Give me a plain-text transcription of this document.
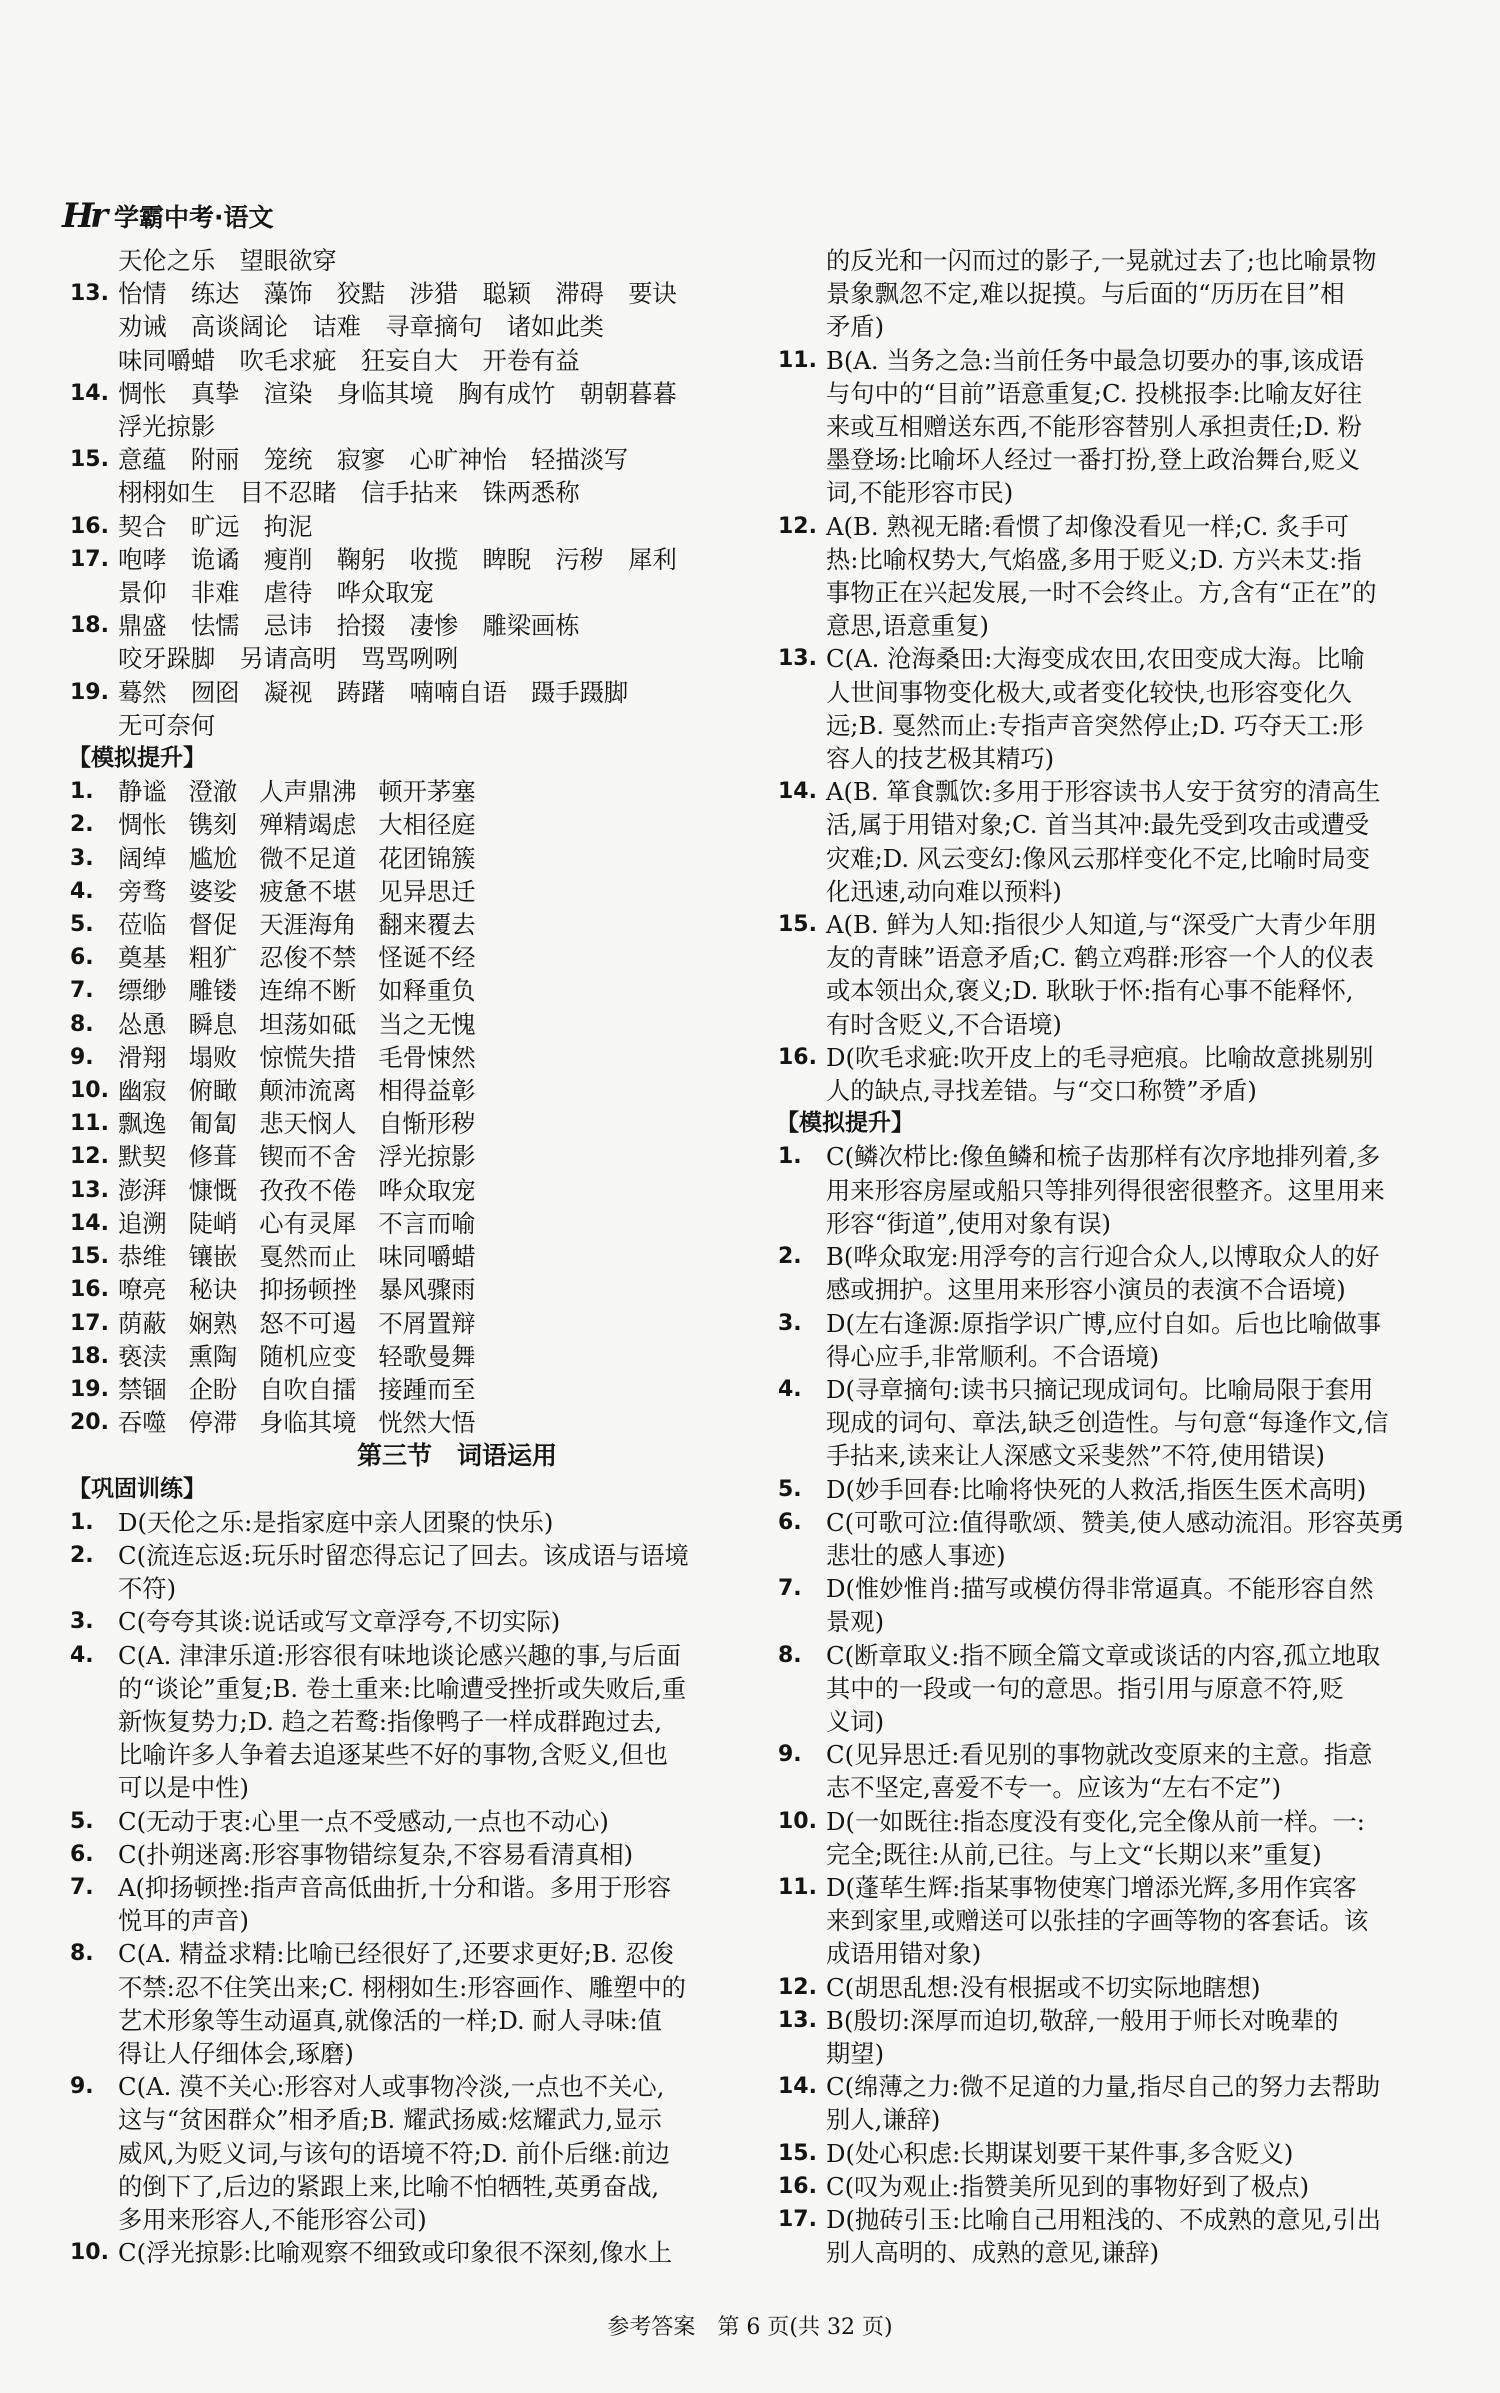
Hr 学霸中考·语文
天伦之乐　望眼欲穿
13. 怡情　练达　藻饰　狡黠　涉猎　聪颖　滞碍　要诀
劝诫　高谈阔论　诘难　寻章摘句　诸如此类
味同嚼蜡　吹毛求疵　狂妄自大　开卷有益
14. 惆怅　真挚　渲染　身临其境　胸有成竹　朝朝暮暮
浮光掠影
15. 意蕴　附丽　笼统　寂寥　心旷神怡　轻描淡写
栩栩如生　目不忍睹　信手拈来　铢两悉称
16. 契合　旷远　拘泥
17. 咆哮　诡谲　瘦削　鞠躬　收揽　睥睨　污秽　犀利
景仰　非难　虐待　哗众取宠
18. 鼎盛　怯懦　忌讳　拾掇　凄惨　雕梁画栋
咬牙跺脚　另请高明　骂骂咧咧
19. 蓦然　囫囵　凝视　踌躇　喃喃自语　蹑手蹑脚
无可奈何
【模拟提升】
1. 静谧 澄澈 人声鼎沸 顿开茅塞
2. 惆怅 镌刻 殚精竭虑 大相径庭
3. 阔绰 尴尬 微不足道 花团锦簇
4. 旁骛 婆娑 疲惫不堪 见异思迁
5. 莅临 督促 天涯海角 翻来覆去
6. 奠基 粗犷 忍俊不禁 怪诞不经
7. 缥缈 雕镂 连绵不断 如释重负
8. 怂恿 瞬息 坦荡如砥 当之无愧
9. 滑翔 塌败 惊慌失措 毛骨悚然
10. 幽寂 俯瞰 颠沛流离 相得益彰
11. 飘逸 匍匐 悲天悯人 自惭形秽
12. 默契 修葺 锲而不舍 浮光掠影
13. 澎湃 慷慨 孜孜不倦 哗众取宠
14. 追溯 陡峭 心有灵犀 不言而喻
15. 恭维 镶嵌 戛然而止 味同嚼蜡
16. 嘹亮 秘诀 抑扬顿挫 暴风骤雨
17. 荫蔽 娴熟 怒不可遏 不屑置辩
18. 亵渎 熏陶 随机应变 轻歌曼舞
19. 禁锢 企盼 自吹自擂 接踵而至
20. 吞噬 停滞 身临其境 恍然大悟
第三节　词语运用
【巩固训练】
1. D(天伦之乐:是指家庭中亲人团聚的快乐)
2. C(流连忘返:玩乐时留恋得忘记了回去。该成语与语境
不符)
3. C(夸夸其谈:说话或写文章浮夸,不切实际)
4. C(A. 津津乐道:形容很有味地谈论感兴趣的事,与后面
的“谈论”重复;B. 卷土重来:比喻遭受挫折或失败后,重
新恢复势力;D. 趋之若鹜:指像鸭子一样成群跑过去,
比喻许多人争着去追逐某些不好的事物,含贬义,但也
可以是中性)
5. C(无动于衷:心里一点不受感动,一点也不动心)
6. C(扑朔迷离:形容事物错综复杂,不容易看清真相)
7. A(抑扬顿挫:指声音高低曲折,十分和谐。多用于形容
悦耳的声音)
8. C(A. 精益求精:比喻已经很好了,还要求更好;B. 忍俊
不禁:忍不住笑出来;C. 栩栩如生:形容画作、雕塑中的
艺术形象等生动逼真,就像活的一样;D. 耐人寻味:值
得让人仔细体会,琢磨)
9. C(A. 漠不关心:形容对人或事物冷淡,一点也不关心,
这与“贫困群众”相矛盾;B. 耀武扬威:炫耀武力,显示
威风,为贬义词,与该句的语境不符;D. 前仆后继:前边
的倒下了,后边的紧跟上来,比喻不怕牺牲,英勇奋战,
多用来形容人,不能形容公司)
10. C(浮光掠影:比喻观察不细致或印象很不深刻,像水上
的反光和一闪而过的影子,一晃就过去了;也比喻景物
景象飘忽不定,难以捉摸。与后面的“历历在目”相
矛盾)
11. B(A. 当务之急:当前任务中最急切要办的事,该成语
与句中的“目前”语意重复;C. 投桃报李:比喻友好往
来或互相赠送东西,不能形容替别人承担责任;D. 粉
墨登场:比喻坏人经过一番打扮,登上政治舞台,贬义
词,不能形容市民)
12. A(B. 熟视无睹:看惯了却像没看见一样;C. 炙手可
热:比喻权势大,气焰盛,多用于贬义;D. 方兴未艾:指
事物正在兴起发展,一时不会终止。方,含有“正在”的
意思,语意重复)
13. C(A. 沧海桑田:大海变成农田,农田变成大海。比喻
人世间事物变化极大,或者变化较快,也形容变化久
远;B. 戛然而止:专指声音突然停止;D. 巧夺天工:形
容人的技艺极其精巧)
14. A(B. 箪食瓢饮:多用于形容读书人安于贫穷的清高生
活,属于用错对象;C. 首当其冲:最先受到攻击或遭受
灾难;D. 风云变幻:像风云那样变化不定,比喻时局变
化迅速,动向难以预料)
15. A(B. 鲜为人知:指很少人知道,与“深受广大青少年朋
友的青睐”语意矛盾;C. 鹤立鸡群:形容一个人的仪表
或本领出众,褒义;D. 耿耿于怀:指有心事不能释怀,
有时含贬义,不合语境)
16. D(吹毛求疵:吹开皮上的毛寻疤痕。比喻故意挑剔别
人的缺点,寻找差错。与“交口称赞”矛盾)
【模拟提升】
1. C(鳞次栉比:像鱼鳞和梳子齿那样有次序地排列着,多
用来形容房屋或船只等排列得很密很整齐。这里用来
形容“街道”,使用对象有误)
2. B(哗众取宠:用浮夸的言行迎合众人,以博取众人的好
感或拥护。这里用来形容小演员的表演不合语境)
3. D(左右逢源:原指学识广博,应付自如。后也比喻做事
得心应手,非常顺利。不合语境)
4. D(寻章摘句:读书只摘记现成词句。比喻局限于套用
现成的词句、章法,缺乏创造性。与句意“每逢作文,信
手拈来,读来让人深感文采斐然”不符,使用错误)
5. D(妙手回春:比喻将快死的人救活,指医生医术高明)
6. C(可歌可泣:值得歌颂、赞美,使人感动流泪。形容英勇
悲壮的感人事迹)
7. D(惟妙惟肖:描写或模仿得非常逼真。不能形容自然
景观)
8. C(断章取义:指不顾全篇文章或谈话的内容,孤立地取
其中的一段或一句的意思。指引用与原意不符,贬
义词)
9. C(见异思迁:看见别的事物就改变原来的主意。指意
志不坚定,喜爱不专一。应该为“左右不定”)
10. D(一如既往:指态度没有变化,完全像从前一样。一:
完全;既往:从前,已往。与上文“长期以来”重复)
11. D(蓬荜生辉:指某事物使寒门增添光辉,多用作宾客
来到家里,或赠送可以张挂的字画等物的客套话。该
成语用错对象)
12. C(胡思乱想:没有根据或不切实际地瞎想)
13. B(殷切:深厚而迫切,敬辞,一般用于师长对晚辈的
期望)
14. C(绵薄之力:微不足道的力量,指尽自己的努力去帮助
别人,谦辞)
15. D(处心积虑:长期谋划要干某件事,多含贬义)
16. C(叹为观止:指赞美所见到的事物好到了极点)
17. D(抛砖引玉:比喻自己用粗浅的、不成熟的意见,引出
别人高明的、成熟的意见,谦辞)
参考答案　第 6 页(共 32 页)
